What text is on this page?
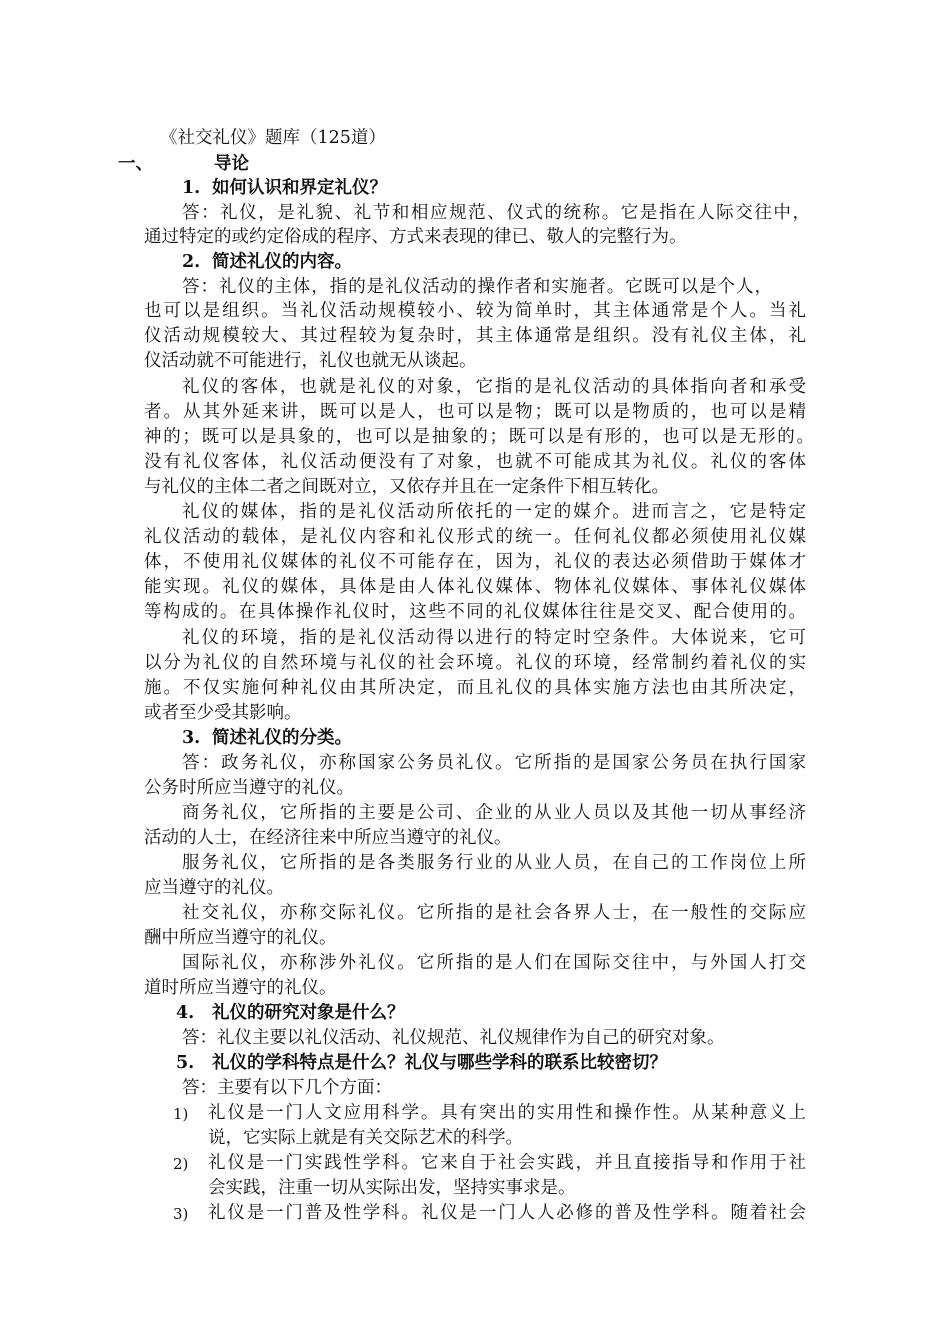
《社交礼仪》题库（125道）
一、	导论
1. 如何认识和界定礼仪？
答：礼仪，是礼貌、礼节和相应规范、仪式的统称。它是指在人际交往中，
通过特定的或约定俗成的程序、方式来表现的律已、敬人的完整行为。
2. 简述礼仪的内容。
答：礼仪的主体，指的是礼仪活动的操作者和实施者。它既可以是个人，
也可以是组织。当礼仪活动规模较小、较为简单时，其主体通常是个人。当礼
仪活动规模较大、其过程较为复杂时，其主体通常是组织。没有礼仪主体，礼
仪活动就不可能进行，礼仪也就无从谈起。
礼仪的客体，也就是礼仪的对象，它指的是礼仪活动的具体指向者和承受
者。从其外延来讲，既可以是人，也可以是物；既可以是物质的，也可以是精
神的；既可以是具象的，也可以是抽象的；既可以是有形的，也可以是无形的。
没有礼仪客体，礼仪活动便没有了对象，也就不可能成其为礼仪。礼仪的客体
与礼仪的主体二者之间既对立，又依存并且在一定条件下相互转化。
礼仪的媒体，指的是礼仪活动所依托的一定的媒介。进而言之，它是特定
礼仪活动的载体，是礼仪内容和礼仪形式的统一。任何礼仪都必须使用礼仪媒
体，不使用礼仪媒体的礼仪不可能存在，因为，礼仪的表达必须借助于媒体才
能实现。礼仪的媒体，具体是由人体礼仪媒体、物体礼仪媒体、事体礼仪媒体
等构成的。在具体操作礼仪时，这些不同的礼仪媒体往往是交叉、配合使用的。
礼仪的环境，指的是礼仪活动得以进行的特定时空条件。大体说来，它可
以分为礼仪的自然环境与礼仪的社会环境。礼仪的环境，经常制约着礼仪的实
施。不仅实施何种礼仪由其所决定，而且礼仪的具体实施方法也由其所决定，
或者至少受其影响。
3. 简述礼仪的分类。
答：政务礼仪，亦称国家公务员礼仪。它所指的是国家公务员在执行国家
公务时所应当遵守的礼仪。
商务礼仪，它所指的主要是公司、企业的从业人员以及其他一切从事经济
活动的人士，在经济往来中所应当遵守的礼仪。
服务礼仪，它所指的是各类服务行业的从业人员，在自己的工作岗位上所
应当遵守的礼仪。
社交礼仪，亦称交际礼仪。它所指的是社会各界人士，在一般性的交际应
酬中所应当遵守的礼仪。
国际礼仪，亦称涉外礼仪。它所指的是人们在国际交往中，与外国人打交
道时所应当遵守的礼仪。
4. 礼仪的研究对象是什么？
答：礼仪主要以礼仪活动、礼仪规范、礼仪规律作为自己的研究对象。
5. 礼仪的学科特点是什么？礼仪与哪些学科的联系比较密切？
答：主要有以下几个方面：
1) 礼仪是一门人文应用科学。具有突出的实用性和操作性。从某种意义上
说，它实际上就是有关交际艺术的科学。
2) 礼仪是一门实践性学科。它来自于社会实践，并且直接指导和作用于社
会实践，注重一切从实际出发，坚持实事求是。
3) 礼仪是一门普及性学科。礼仪是一门人人必修的普及性学科。随着社会
